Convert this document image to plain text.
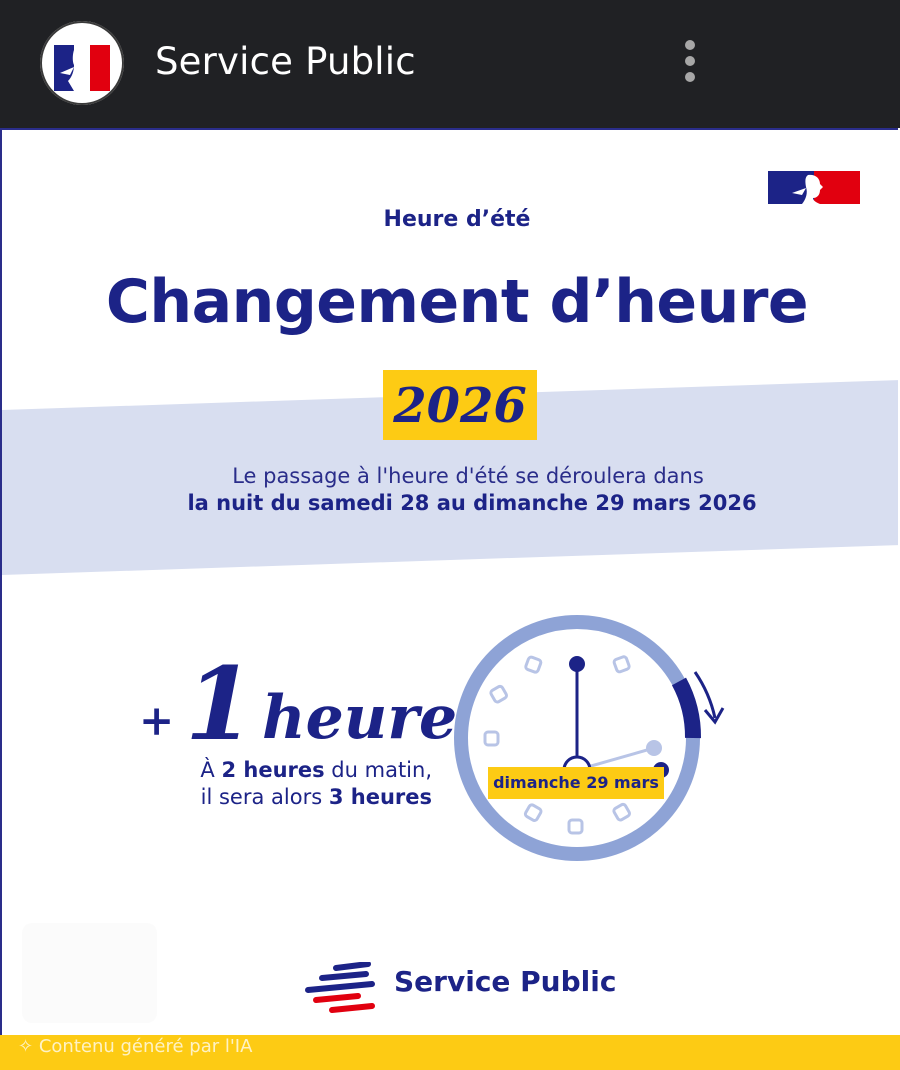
Service Public
Heure d’été
Changement d’heure
2026
Le passage à l'heure d'été se déroulera dans
la nuit du samedi 28 au dimanche 29 mars 2026
+ 1 heure
À 2 heures du matin,
il sera alors 3 heures
dimanche 29 mars
Service Public
✧ Contenu généré par l'IA
